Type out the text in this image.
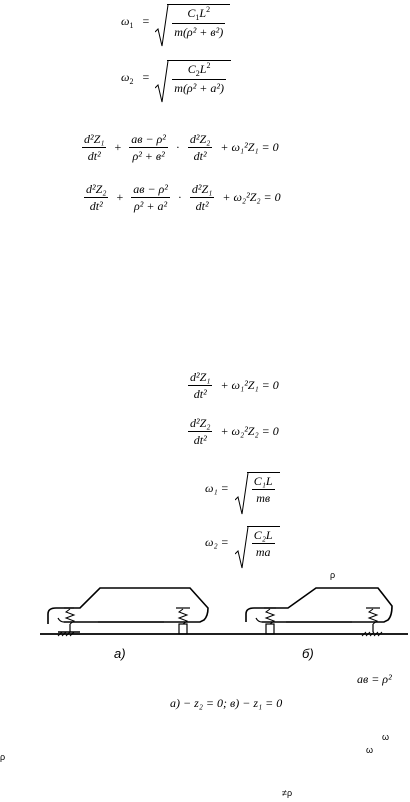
$\omega_1 = \frac{C_1L^2}{\text{m(ρ² + в²)}}$
$\omega_2 = \frac{C_2L^2}{\text{m(ρ² + a²)}}$
$\frac{\text{d²Z₁}}{\text{dt²}} + \frac{\text{aв − ρ²}}{\text{ρ² + в²}} \cdot \frac{\text{d²Z₂}}{\text{dt²}} + \omega_1^2Z_1 = 0$
$\frac{\text{d²Z₂}}{\text{dt²}} + \frac{\text{aв − ρ²}}{\text{ρ² + a²}} \cdot \frac{\text{d²Z₁}}{\text{dt²}} + \omega_2^2Z_2 = 0$
$\frac{\text{d²Z₁}}{\text{dt²}} + \omega_1^2Z_1 = 0$
$\frac{\text{d²Z₂}}{\text{dt²}} + \omega_2^2Z_2 = 0$
$\omega_1 = \frac{\text{C₁L}}{mв}$
$\omega_2 = \frac{\text{C₂L}}{ma}$
ρ
а)	б)
aв = ρ²
a) − z₂ = 0; в) − z₁ = 0
ω
ω
ρ
≠ρ
